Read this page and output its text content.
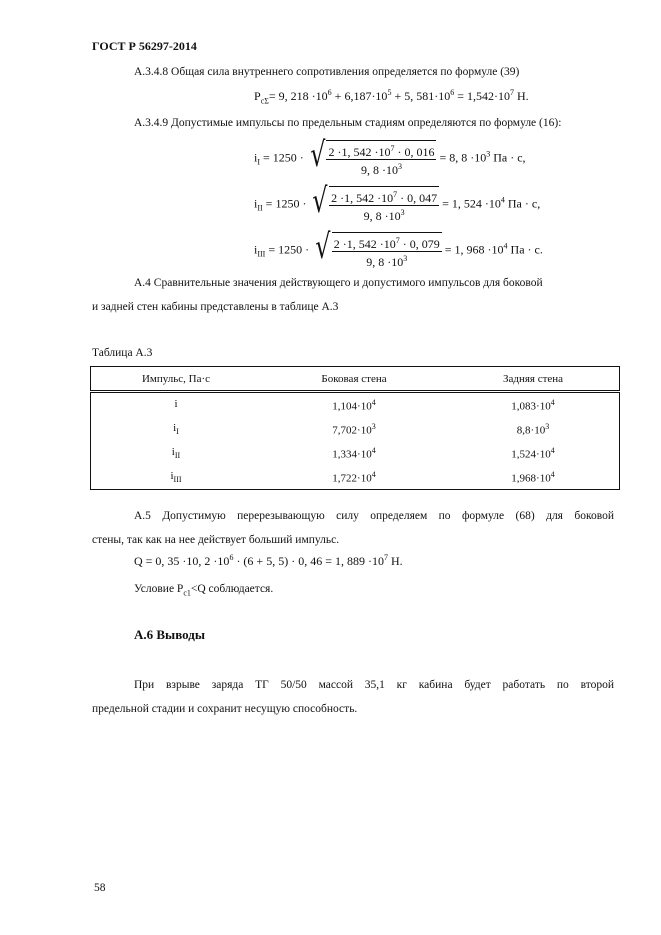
ГОСТ Р 56297-2014
А.3.4.8 Общая сила внутреннего сопротивления определяется по формуле (39)
$P_{c\Sigma}= 9$, $218 \cdot 10^6 + 6,187\cdot 10^5 + 5$, $581\cdot 10^6 = 1,542\cdot 10^7$ Н.
А.3.4.9 Допустимые импульсы по предельным стадиям определяются по формуле (16):
$i_I = 1250$ · √ $\frac{2 \cdot 1, 542 \cdot 10^7 \cdot 0, 016}{9, 8 \cdot 10^3} = 8$, $8 \cdot 10^3$ Па · с,
$i_{II} = 1250$ · √ $\frac{2 \cdot 1, 542 \cdot 10^7 \cdot 0, 047}{9, 8 \cdot 10^3} = 1$, $524 \cdot 10^4$ Па · с,
$i_{III} = 1250$ · √ $\frac{2 \cdot 1, 542 \cdot 10^7 \cdot 0, 079}{9, 8 \cdot 10^3} = 1$, $968 \cdot 10^4$ Па · с.
А.4 Сравнительные значения действующего и допустимого импульсов для боковой
и задней стен кабины представлены в таблице А.3
Таблица А.3
Импульс, Па·с	Боковая стена	Задняя стена
i	$1,104\cdot 10^4$	$1,083\cdot 10^4$
$i_I$	$7,702\cdot 10^3$	$8,8\cdot 10^3$
$i_{II}$	$1,334\cdot 10^4$	$1,524\cdot 10^4$
$i_{III}$	$1,722\cdot 10^4$	$1,968\cdot 10^4$
А.5 Допустимую перерезывающую силу определяем по формуле (68) для боковой
стены, так как на нее действует больший импульс.
Q = 0, 35 ·10, $2 \cdot 10^6 \cdot (6 + 5$, 5) · 0, 46 = 1, $889 \cdot 10^7$ Н.
Условие $P_{c1}<Q$ соблюдается.
А.6 Выводы
При взрыве заряда ТГ 50/50 массой 35,1 кг кабина будет работать по второй
предельной стадии и сохранит несущую способность.
58
